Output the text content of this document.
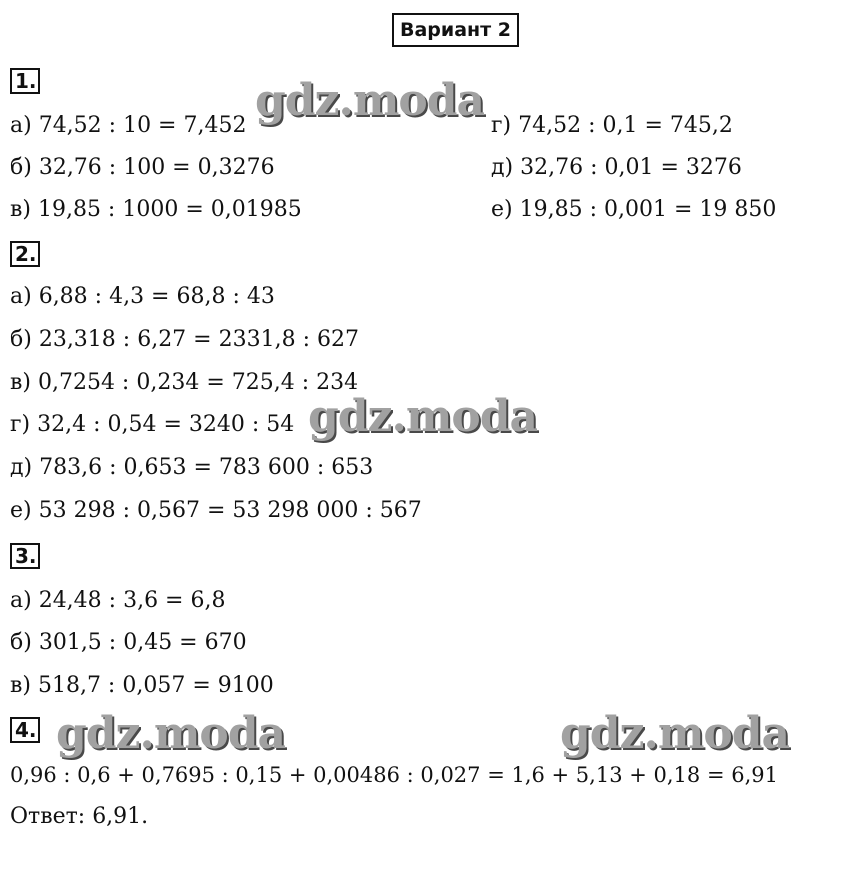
Вариант 2
1.
а) 74,52 : 10 = 7,452
б) 32,76 : 100 = 0,3276
в) 19,85 : 1000 = 0,01985
г) 74,52 : 0,1 = 745,2
д) 32,76 : 0,01 = 3276
е) 19,85 : 0,001 = 19 850
2.
а) 6,88 : 4,3 = 68,8 : 43
б) 23,318 : 6,27 = 2331,8 : 627
в) 0,7254 : 0,234 = 725,4 : 234
г) 32,4 : 0,54 = 3240 : 54
д) 783,6 : 0,653 = 783 600 : 653
е) 53 298 : 0,567 = 53 298 000 : 567
3.
а) 24,48 : 3,6 = 6,8
б) 301,5 : 0,45 = 670
в) 518,7 : 0,057 = 9100
4.
0,96 : 0,6 + 0,7695 : 0,15 + 0,00486 : 0,027 = 1,6 + 5,13 + 0,18 = 6,91
Ответ: 6,91.
gdz.moda
gdz.moda
gdz.moda	gdz.moda
